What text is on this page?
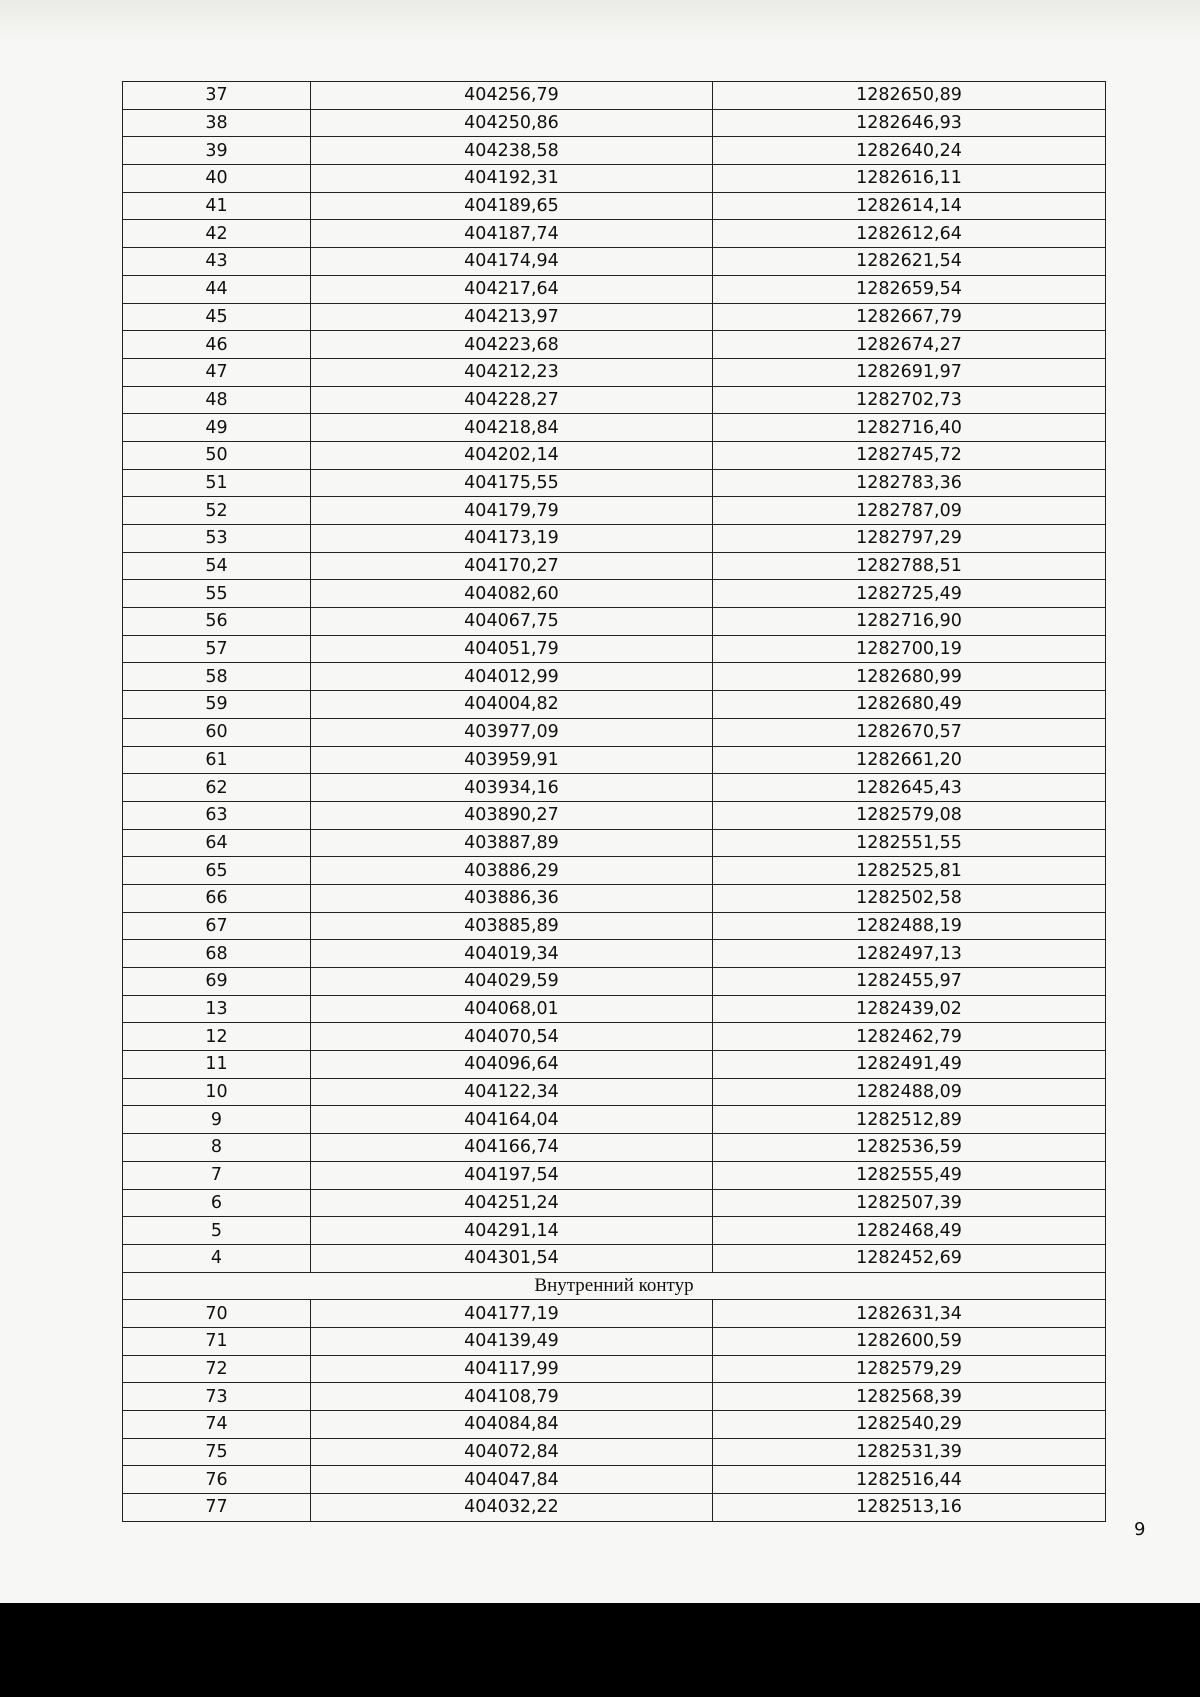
37	404256,79	1282650,89
38	404250,86	1282646,93
39	404238,58	1282640,24
40	404192,31	1282616,11
41	404189,65	1282614,14
42	404187,74	1282612,64
43	404174,94	1282621,54
44	404217,64	1282659,54
45	404213,97	1282667,79
46	404223,68	1282674,27
47	404212,23	1282691,97
48	404228,27	1282702,73
49	404218,84	1282716,40
50	404202,14	1282745,72
51	404175,55	1282783,36
52	404179,79	1282787,09
53	404173,19	1282797,29
54	404170,27	1282788,51
55	404082,60	1282725,49
56	404067,75	1282716,90
57	404051,79	1282700,19
58	404012,99	1282680,99
59	404004,82	1282680,49
60	403977,09	1282670,57
61	403959,91	1282661,20
62	403934,16	1282645,43
63	403890,27	1282579,08
64	403887,89	1282551,55
65	403886,29	1282525,81
66	403886,36	1282502,58
67	403885,89	1282488,19
68	404019,34	1282497,13
69	404029,59	1282455,97
13	404068,01	1282439,02
12	404070,54	1282462,79
11	404096,64	1282491,49
10	404122,34	1282488,09
9	404164,04	1282512,89
8	404166,74	1282536,59
7	404197,54	1282555,49
6	404251,24	1282507,39
5	404291,14	1282468,49
4	404301,54	1282452,69
Внутренний контур		
70	404177,19	1282631,34
71	404139,49	1282600,59
72	404117,99	1282579,29
73	404108,79	1282568,39
74	404084,84	1282540,29
75	404072,84	1282531,39
76	404047,84	1282516,44
77	404032,22	1282513,16
9
